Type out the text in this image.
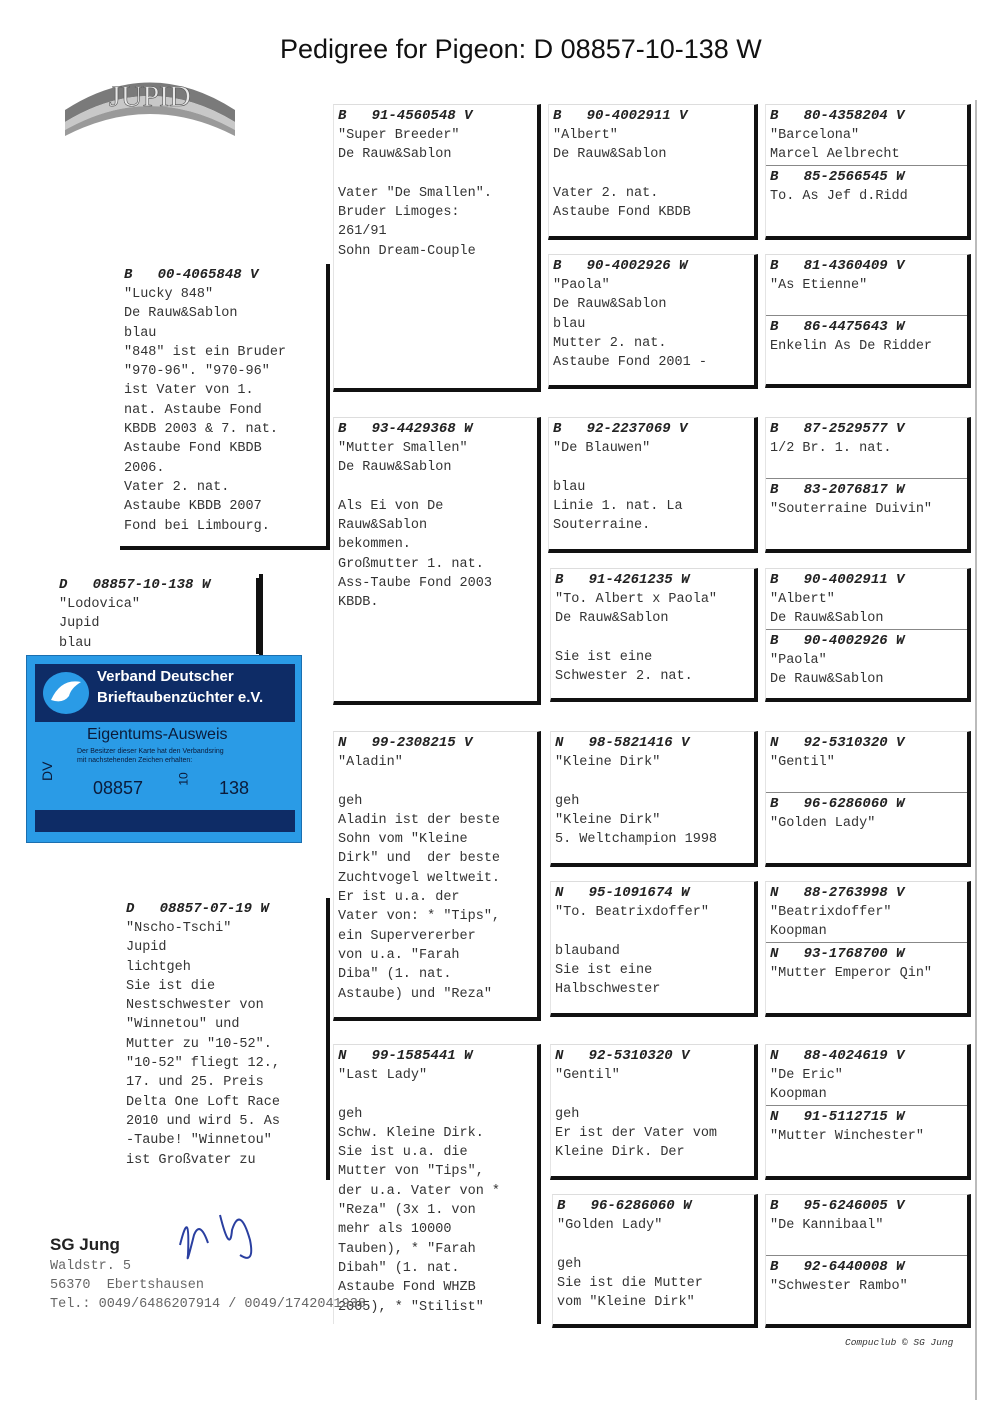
Pedigree for Pigeon: D 08857-10-138 W
JUPID
D   08857-10-138 W
"Lodovica"
Jupid
blau
B   00-4065848 V
"Lucky 848"
De Rauw&Sablon
blau
"848" ist ein Bruder
"970-96". "970-96"
ist Vater von 1.
nat. Astaube Fond
KBDB 2003 & 7. nat.
Astaube Fond KBDB
2006.
Vater 2. nat.
Astaube KBDB 2007
Fond bei Limbourg.
D   08857-07-19 W
"Nscho-Tschi"
Jupid
lichtgeh
Sie ist die
Nestschwester von
"Winnetou" und
Mutter zu "10-52".
"10-52" fliegt 12.,
17. und 25. Preis
Delta One Loft Race
2010 und wird 5. As
-Taube! "Winnetou"
ist Großvater zu
B   91-4560548 V
"Super Breeder"
De Rauw&Sablon
Vater "De Smallen".
Bruder Limoges:
261/91
Sohn Dream-Couple
B   93-4429368 W
"Mutter Smallen"
De Rauw&Sablon
Als Ei von De
Rauw&Sablon
bekommen.
Großmutter 1. nat.
Ass-Taube Fond 2003
KBDB.
N   99-2308215 V
"Aladin"
geh
Aladin ist der beste
Sohn vom "Kleine
Dirk" und  der beste
Zuchtvogel weltweit.
Er ist u.a. der
Vater von: * "Tips",
ein Supervererber
von u.a. "Farah
Diba" (1. nat.
Astaube) und "Reza"
N   99-1585441 W
"Last Lady"
geh
Schw. Kleine Dirk.
Sie ist u.a. die
Mutter von "Tips",
der u.a. Vater von *
"Reza" (3x 1. von
mehr als 10000
Tauben), * "Farah
Dibah" (1. nat.
Astaube Fond WHZB
2005), * "Stilist"
B   90-4002911 V
"Albert"
De Rauw&Sablon
Vater 2. nat.
Astaube Fond KBDB
B   90-4002926 W
"Paola"
De Rauw&Sablon
blau
Mutter 2. nat.
Astaube Fond 2001 -
B   92-2237069 V
"De Blauwen"
blau
Linie 1. nat. La
Souterraine.
B   91-4261235 W
"To. Albert x Paola"
De Rauw&Sablon
Sie ist eine
Schwester 2. nat.
N   98-5821416 V
"Kleine Dirk"
geh
"Kleine Dirk"
5. Weltchampion 1998
N   95-1091674 W
"To. Beatrixdoffer"
blauband
Sie ist eine
Halbschwester
N   92-5310320 V
"Gentil"
geh
Er ist der Vater vom
Kleine Dirk. Der
B   96-6286060 W
"Golden Lady"
geh
Sie ist die Mutter
vom "Kleine Dirk"
B   80-4358204 V
"Barcelona"
Marcel Aelbrecht
B   85-2566545 W
To. As Jef d.Ridd
B   81-4360409 V
"As Etienne"
B   86-4475643 W
Enkelin As De Ridder
B   87-2529577 V
1/2 Br. 1. nat.
B   83-2076817 W
"Souterraine Duivin"
B   90-4002911 V
"Albert"
De Rauw&Sablon
B   90-4002926 W
"Paola"
De Rauw&Sablon
N   92-5310320 V
"Gentil"
B   96-6286060 W
"Golden Lady"
N   88-2763998 V
"Beatrixdoffer"
Koopman
N   93-1768700 W
"Mutter Emperor Qin"
N   88-4024619 V
"De Eric"
Koopman
N   91-5112715 W
"Mutter Winchester"
B   95-6246005 V
"De Kannibaal"
B   92-6440008 W
"Schwester Rambo"
Verband Deutscher
Brieftaubenzüchter e.V.
Eigentums-Ausweis
Der Besitzer dieser Karte hat den Verbandsring
mit nachstehenden Zeichen erhalten:
DV
08857	10 138
SG Jung
Waldstr. 5
56370  Ebertshausen
Tel.: 0049/6486207914 / 0049/1742041938
Compuclub © SG Jung
